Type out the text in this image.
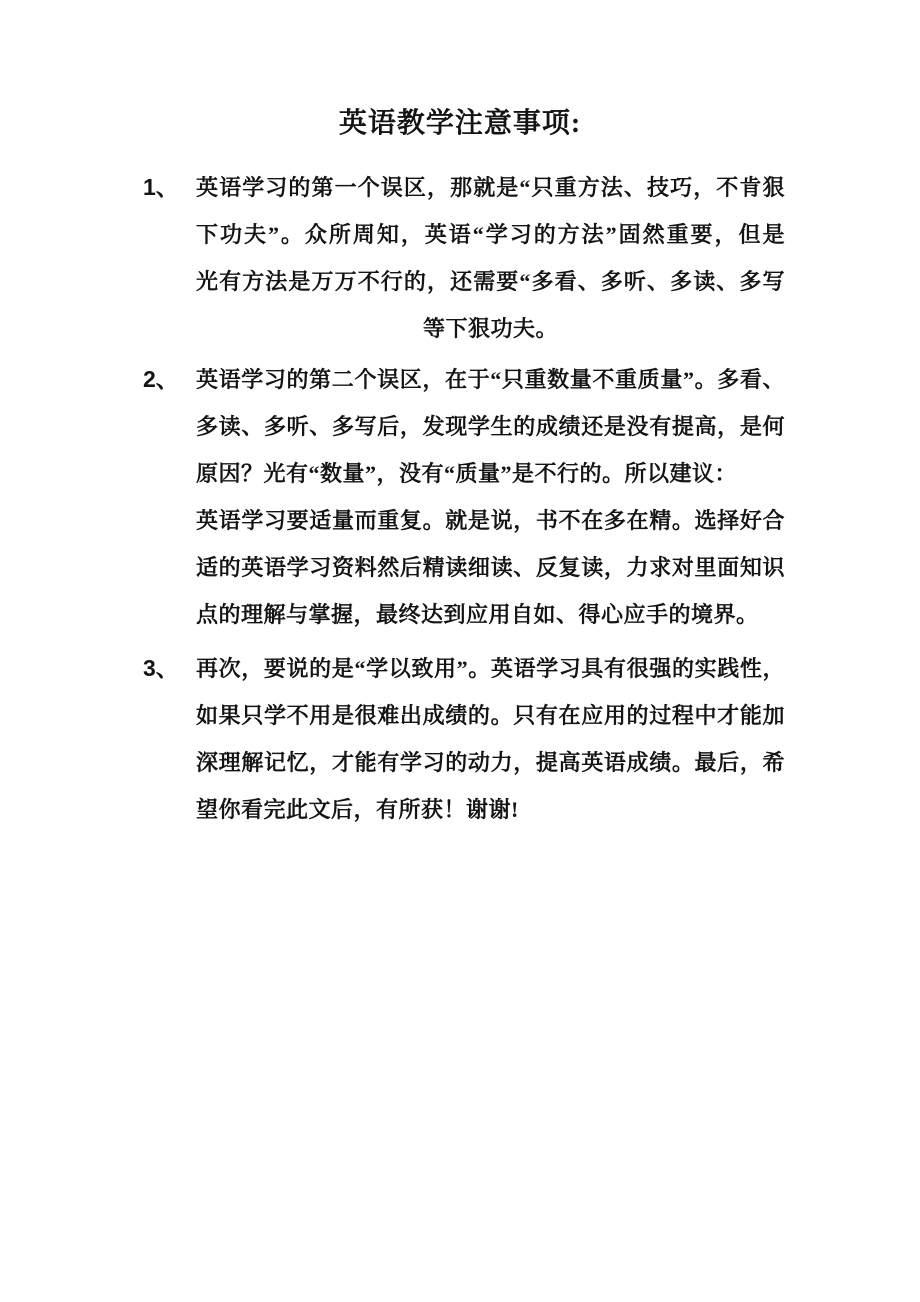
英语教学注意事项:
1、 英语学习的第一个误区，那就是“只重方法、技巧，不肯狠
下功夫”。众所周知，英语“学习的方法”固然重要，但是
光有方法是万万不行的，还需要“多看、多听、多读、多写
等下狠功夫。
2、 英语学习的第二个误区，在于“只重数量不重质量”。多看、
多读、多听、多写后，发现学生的成绩还是没有提高，是何
原因？光有“数量”，没有“质量”是不行的。所以建议：
英语学习要适量而重复。就是说，书不在多在精。选择好合
适的英语学习资料然后精读细读、反复读，力求对里面知识
点的理解与掌握，最终达到应用自如、得心应手的境界。
3、 再次，要说的是“学以致用”。英语学习具有很强的实践性，
如果只学不用是很难出成绩的。只有在应用的过程中才能加
深理解记忆，才能有学习的动力，提高英语成绩。最后，希
望你看完此文后，有所获！谢谢!
